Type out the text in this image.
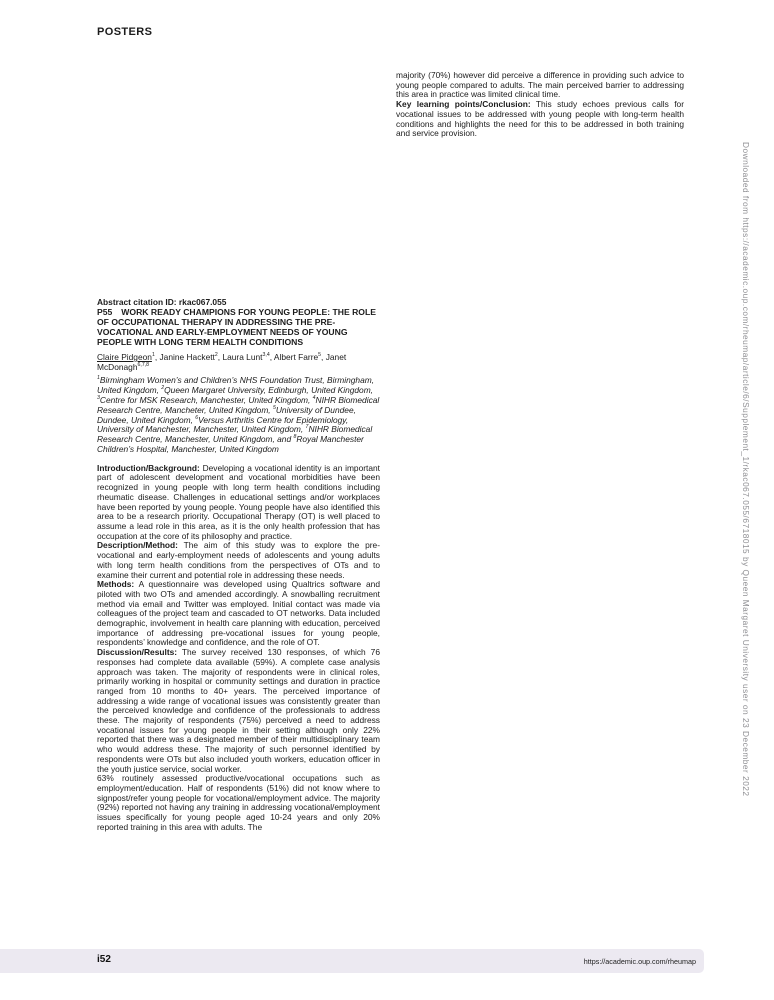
POSTERS

majority (70%) however did perceive a difference in providing such advice to young people compared to adults. The main perceived barrier to addressing this area in practice was limited clinical time.

Key learning points/Conclusion: This study echoes previous calls for vocational issues to be addressed with young people with long-term health conditions and highlights the need for this to be addressed in both training and service provision.

Abstract citation ID: rkac067.055
P55 WORK READY CHAMPIONS FOR YOUNG PEOPLE: THE ROLE OF OCCUPATIONAL THERAPY IN ADDRESSING THE PRE-VOCATIONAL AND EARLY-EMPLOYMENT NEEDS OF YOUNG PEOPLE WITH LONG TERM HEALTH CONDITIONS
Claire Pidgeon$^1$, Janine Hackett$^2$, Laura Lunt$^{3,4}$, Albert Farre$^5$, Janet McDonagh$^{6,7,8}$
$^1$Birmingham Women’s and Children’s NHS Foundation Trust, Birmingham, United Kingdom, $^2$Queen Margaret University, Edinburgh, United Kingdom, $^3$Centre for MSK Research, Manchester, United Kingdom, $^4$NIHR Biomedical Research Centre, Mancheter, United Kingdom, $^5$University of Dundee, Dundee, United Kingdom, $^6$Versus Arthritis Centre for Epidemiology, University of Manchester, Manchester, United Kingdom, $^7$NIHR Biomedical Research Centre, Manchester, United Kingdom, and $^8$Royal Manchester Children’s Hospital, Manchester, United Kingdom

Introduction/Background: Developing a vocational identity is an important part of adolescent development and vocational morbidities have been recognized in young people with long term health conditions including rheumatic disease. Challenges in educational settings and/or workplaces have been reported by young people. Young people have also identified this area to be a research priority. Occupational Therapy (OT) is well placed to assume a lead role in this area, as it is the only health profession that has occupation at the core of its philosophy and practice.

Description/Method: The aim of this study was to explore the pre-vocational and early-employment needs of adolescents and young adults with long term health conditions from the perspectives of OTs and to examine their current and potential role in addressing these needs.

Methods: A questionnaire was developed using Qualtrics software and piloted with two OTs and amended accordingly. A snowballing recruitment method via email and Twitter was employed. Initial contact was made via colleagues of the project team and cascaded to OT networks. Data included demographic, involvement in health care planning with education, perceived importance of addressing pre-vocational issues for young people, respondents’ knowledge and confidence, and the role of OT.

Discussion/Results: The survey received 130 responses, of which 76 responses had complete data available (59%). A complete case analysis approach was taken. The majority of respondents were in clinical roles, primarily working in hospital or community settings and duration in practice ranged from 10 months to 40+ years. The perceived importance of addressing a wide range of vocational issues was consistently greater than the perceived knowledge and confidence of the professionals to address these. The majority of respondents (75%) perceived a need to address vocational issues for young people in their setting although only 22% reported that there was a designated member of their multidisciplinary team who would address these. The majority of such personnel identified by respondents were OTs but also included youth workers, education officer in the youth justice service, social worker.

63% routinely assessed productive/vocational occupations such as employment/education. Half of respondents (51%) did not know where to signpost/refer young people for vocational/employment advice. The majority (92%) reported not having any training in addressing vocational/employment issues specifically for young people aged 10-24 years and only 20% reported training in this area with adults. The

Downloaded from https://academic.oup.com/rheumap/article/6/Supplement_1/rkac067.055/6718015 by Queen Margaret University user on 23 December 2022
i52	https://academic.oup.com/rheumap
